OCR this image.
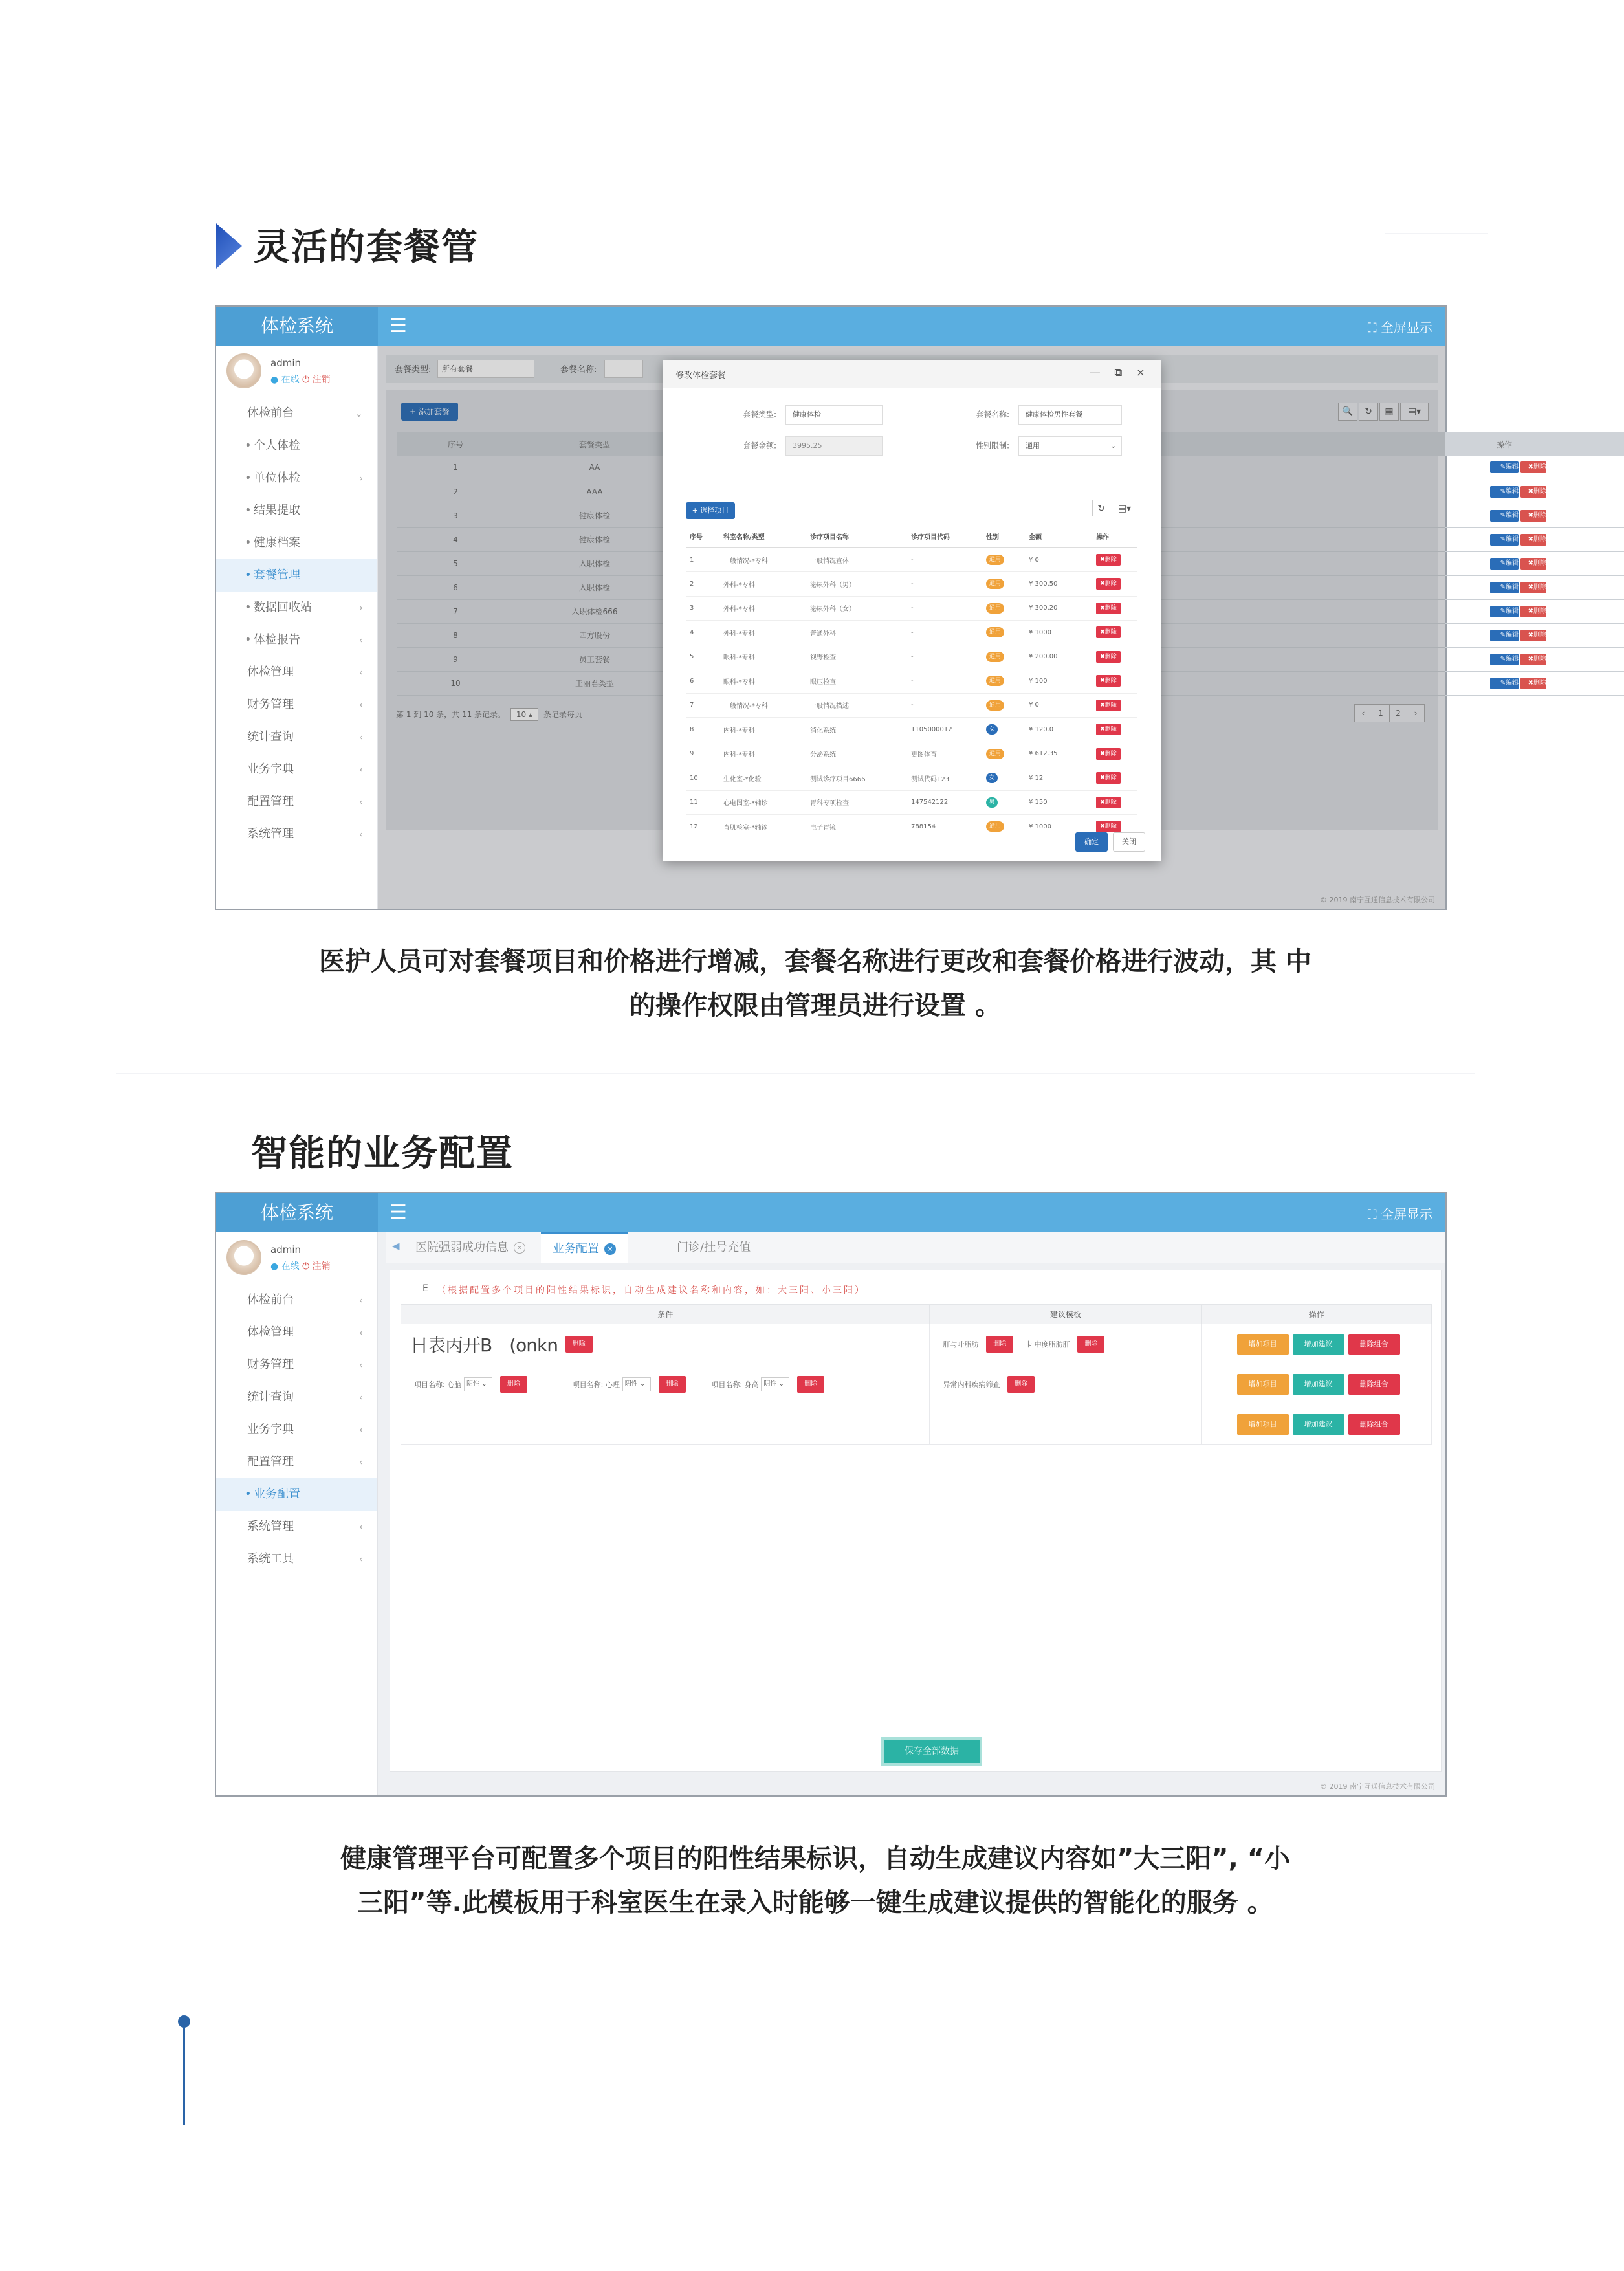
灵活的套餐管
体检系统	☰	⛶ 全屏显示
admin
● 在线 ⏻ 注销
体检前台	⌄
• 个人体检
• 单位体检	›
• 结果提取
• 健康档案
• 套餐管理
• 数据回收站	›
• 体检报告	‹
体检管理	‹
财务管理	‹
统计查询	‹
业务字典	‹
配置管理	‹
系统管理	‹
套餐类型:	所有套餐	套餐名称:
+ 添加套餐	🔍 ↻ ▦ ▤▾
序号	套餐类型		操作
1	AA		✎编辑 ✖删除
2	AAA		✎编辑 ✖删除
3	健康体检		✎编辑 ✖删除
4	健康体检		✎编辑 ✖删除
5	入职体检		✎编辑 ✖删除
6	入职体检		✎编辑 ✖删除
7	入职体检666		✎编辑 ✖删除
8	四方股份		✎编辑 ✖删除
9	员工套餐		✎编辑 ✖删除
10	王丽君类型		✎编辑 ✖删除
第 1 到 10 条，共 11 条记录。 10 ▴ 条记录每页	‹ 1 2 ›
© 2019 南宁互通信息技术有限公司
修改体检套餐	— ⧉ ×
套餐类型: 健康体检	套餐名称: 健康体检男性套餐
套餐金额: 3995.25	性别限制: 通用 ⌄
+ 选择项目	↻ ▤▾
序号	科室名称/类型	诊疗项目名称	诊疗项目代码	性别	金额	操作
1	一般情况-*专科	一般情况查体	-	通用	¥ 0	✖删除
2	外科-*专科	泌尿外科（男）	-	通用	¥ 300.50	✖删除
3	外科-*专科	泌尿外科（女）	-	通用	¥ 300.20	✖删除
4	外科-*专科	普通外科	-	通用	¥ 1000	✖删除
5	眼科-*专科	视野检查	-	通用	¥ 200.00	✖删除
6	眼科-*专科	眼压检查	-	通用	¥ 100	✖删除
7	一般情况-*专科	一般情况描述	-	通用	¥ 0	✖删除
8	内科-*专科	消化系统	1105000012	女	¥ 120.0	✖删除
9	内科-*专科	分泌系统	更图体育	通用	¥ 612.35	✖删除
10	生化室-*化验	测试诊疗项目6666	测试代码123	女	¥ 12	✖删除
11	心电图室-*辅诊	胃科专项检查	147542122	男	¥ 150	✖删除
12	育肌检室-*辅诊	电子胃镜	788154	通用	¥ 1000	✖删除
确定	关闭
医护人员可对套餐项目和价格进行增减，套餐名称进行更改和套餐价格进行波动，其 中
的操作权限由管理员进行设置 。
智能的业务配置
体检系统	☰	⛶ 全屏显示
admin
● 在线 ⏻ 注销
体检前台	‹
体检管理	‹
财务管理	‹
统计查询	‹
业务字典	‹
配置管理	‹
• 业务配置
系统管理	‹
系统工具	‹
◀ 医院强弱成功信息 ×	业务配置 ×	门诊/挂号充值
E （根据配置多个项目的阳性结果标识，自动生成建议名称和内容，如：大三阳、小三阳）
条件	建议模板	操作
日表丙开B　(onkn 删除	肝与叶脂肪 删除 卡 中度脂肪肝 删除	增加项目 增加建议 删除组合
项目名称: 心脑 阴性 ⌄ 删除 项目名称: 心理 阴性 ⌄ 删除 项目名称: 身高 阴性 ⌄ 删除	异常内科疾病筛查 删除	增加项目 增加建议 删除组合
		增加项目 增加建议 删除组合
保存全部数据
© 2019 南宁互通信息技术有限公司
健康管理平台可配置多个项目的阳性结果标识，自动生成建议内容如”大三阳”, “小
三阳”等.此模板用于科室医生在录入时能够一键生成建议提供的智能化的服务 。
